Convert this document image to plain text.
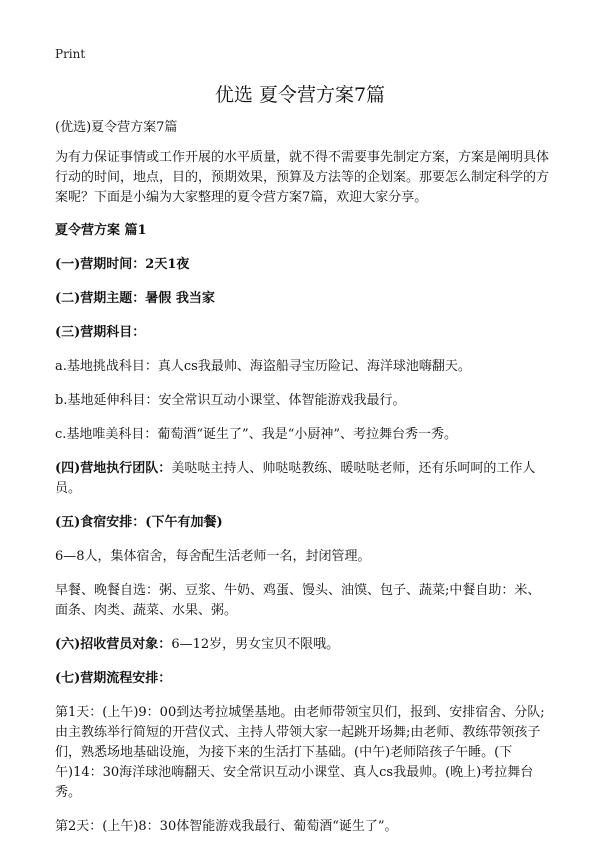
Print
优选 夏令营方案7篇

(优选)夏令营方案7篇

为有力保证事情或工作开展的水平质量，就不得不需要事先制定方案，方案是阐明具体行动的时间，地点，目的，预期效果，预算及方法等的企划案。那要怎么制定科学的方案呢？下面是小编为大家整理的夏令营方案7篇，欢迎大家分享。

夏令营方案 篇1

(一)营期时间：2天1夜

(二)营期主题：暑假 我当家

(三)营期科目：

a.基地挑战科目：真人cs我最帅、海盗船寻宝历险记、海洋球池嗨翻天。

b.基地延伸科目：安全常识互动小课堂、体智能游戏我最行。

c.基地唯美科目：葡萄酒“诞生了”、我是“小厨神”、考拉舞台秀一秀。

(四)营地执行团队：美哒哒主持人、帅哒哒教练、暖哒哒老师，还有乐呵呵的工作人员。

(五)食宿安排：(下午有加餐)

6—8人，集体宿舍，每舍配生活老师一名，封闭管理。

早餐、晚餐自选：粥、豆浆、牛奶、鸡蛋、馒头、油馍、包子、蔬菜;中餐自助：米、面条、肉类、蔬菜、水果、粥。

(六)招收营员对象：6—12岁，男女宝贝不限哦。

(七)营期流程安排：

第1天：(上午)9：00到达考拉城堡基地。由老师带领宝贝们，报到、安排宿舍、分队;由主教练举行简短的开营仪式、主持人带领大家一起跳开场舞;由老师、教练带领孩子们，熟悉场地基础设施，为接下来的生活打下基础。(中午)老师陪孩子午睡。(下午)14：30海洋球池嗨翻天、安全常识互动小课堂、真人cs我最帅。(晚上)考拉舞台秀。

第2天：(上午)8：30体智能游戏我最行、葡萄酒“诞生了”。
